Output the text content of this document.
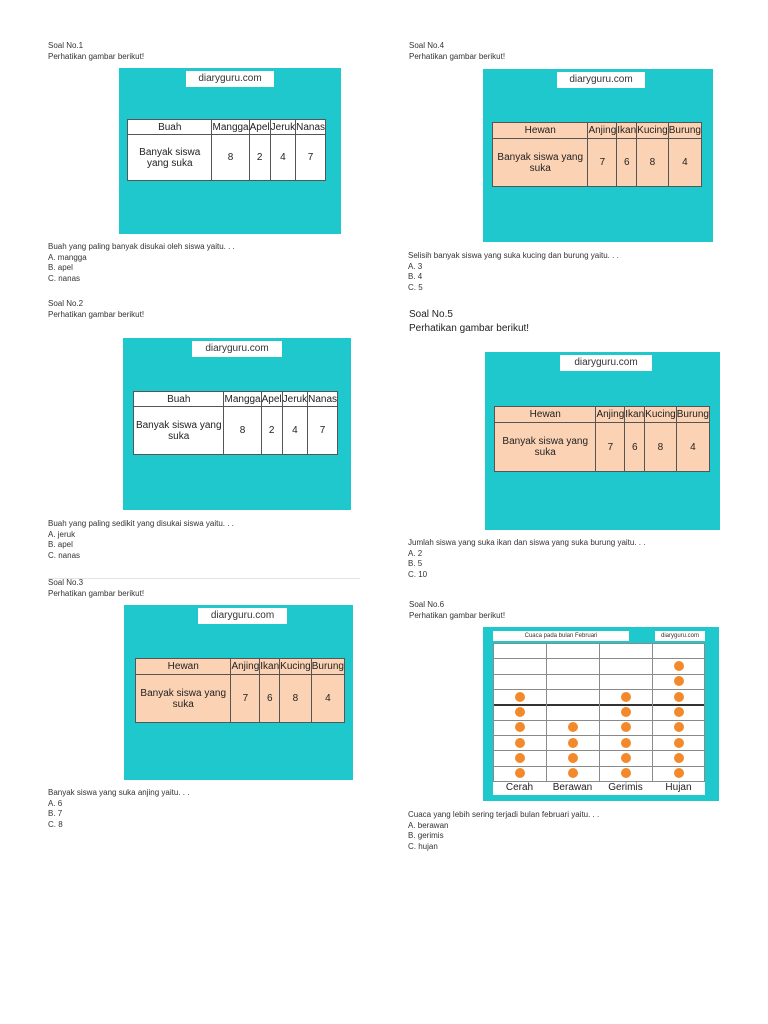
Soal No.1
Perhatikan gambar berikut!
diaryguru.com
Buah	Mangga	Apel	Jeruk	Nanas
Banyak siswa yang suka	8	2	4	7
Buah yang paling banyak disukai oleh siswa yaitu. . .
A. mangga
B. apel
C. nanas
Soal No.2
Perhatikan gambar berikut!
diaryguru.com
Buah	Mangga	Apel	Jeruk	Nanas
Banyak siswa yang suka	8	2	4	7
Buah yang paling sedikit yang disukai siswa yaitu. . .
A. jeruk
B. apel
C. nanas
Soal No.3
Perhatikan gambar berikut!
diaryguru.com
Hewan	Anjing	Ikan	Kucing	Burung
Banyak siswa yang suka	7	6	8	4
Banyak siswa yang suka anjing yaitu. . .
A. 6
B. 7
C. 8
Soal No.4
Perhatikan gambar berikut!
diaryguru.com
Hewan	Anjing	Ikan	Kucing	Burung
Banyak siswa yang suka	7	6	8	4
Selisih banyak siswa yang suka kucing dan burung yaitu. . .
A. 3
B. 4
C. 5
Soal No.5
Perhatikan gambar berikut!
diaryguru.com
Hewan	Anjing	Ikan	Kucing	Burung
Banyak siswa yang suka	7	6	8	4
Jumlah siswa yang suka ikan dan siswa yang suka burung yaitu. . .
A. 2
B. 5
C. 10
Soal No.6
Perhatikan gambar berikut!
Cuaca pada bulan Februari	diaryguru.com
Cerah	Berawan	Gerimis	Hujan
Cuaca yang lebih sering terjadi bulan februari yaitu. . .
A. berawan
B. gerimis
C. hujan
